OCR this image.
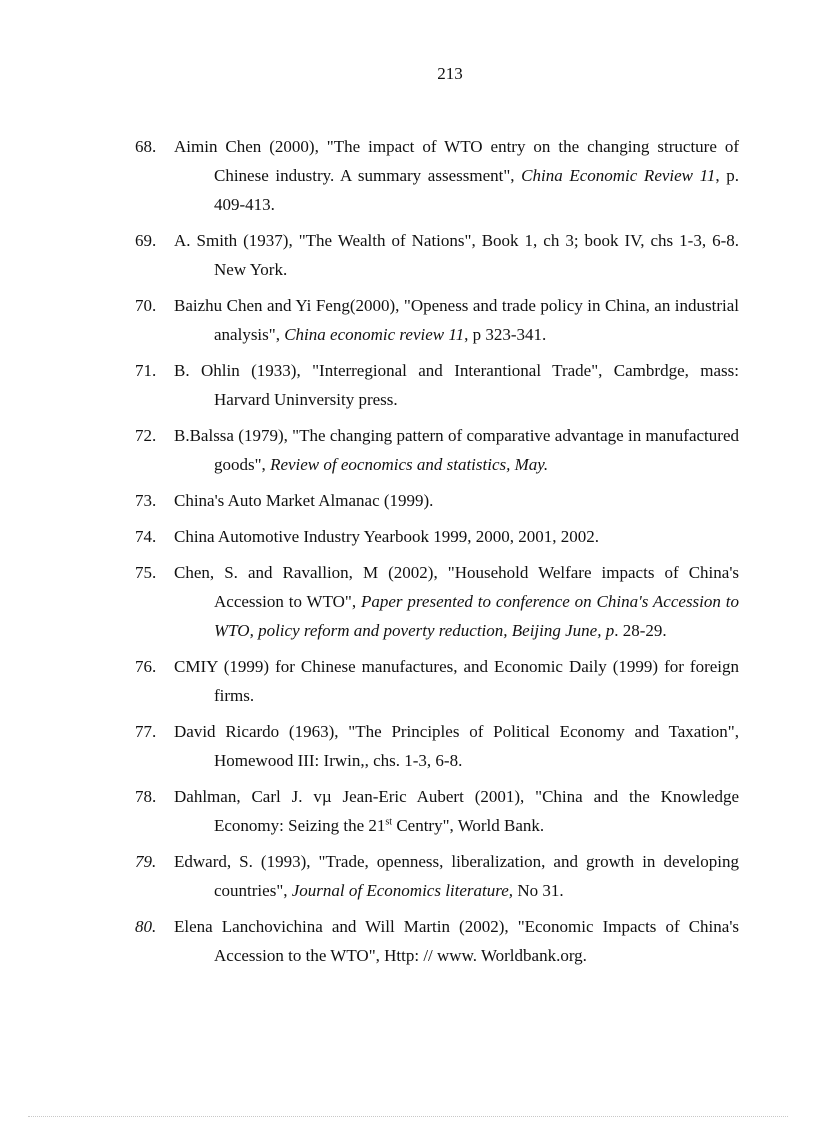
213
68.	Aimin Chen (2000), "The impact of WTO entry on the changing structure of Chinese industry. A summary assessment", China Economic Review 11, p. 409-413.
69.	A. Smith (1937), "The Wealth of Nations", Book 1, ch 3; book IV, chs 1-3, 6-8. New York.
70.	Baizhu Chen and Yi Feng(2000), "Openess and trade policy in China, an industrial analysis", China economic review 11, p 323-341.
71.	B. Ohlin (1933), "Interregional and Interantional Trade", Cambrdge, mass: Harvard Uninversity press.
72.	B.Balssa (1979), "The changing pattern of comparative advantage in manufactured goods", Review of eocnomics and statistics, May.
73.	China's Auto Market Almanac (1999).
74.	China Automotive Industry Yearbook 1999, 2000, 2001, 2002.
75.	Chen, S. and Ravallion, M (2002), "Household Welfare impacts of China's Accession to WTO", Paper presented to conference on China's Accession to WTO, policy reform and poverty reduction, Beijing June, p. 28-29.
76.	CMIY (1999) for Chinese manufactures, and Economic Daily (1999) for foreign firms.
77.	David Ricardo (1963), "The Principles of Political Economy and Taxation", Homewood III: Irwin,, chs. 1-3, 6-8.
78.	Dahlman, Carl J. vµ Jean-Eric Aubert (2001), "China and the Knowledge Economy: Seizing the 21st Centry", World Bank.
79.	Edward, S. (1993), "Trade, openness, liberalization, and growth in developing countries", Journal of Economics literature, No 31.
80.	Elena Lanchovichina and Will Martin (2002), "Economic Impacts of China's Accession to the WTO", Http: // www. Worldbank.org.
